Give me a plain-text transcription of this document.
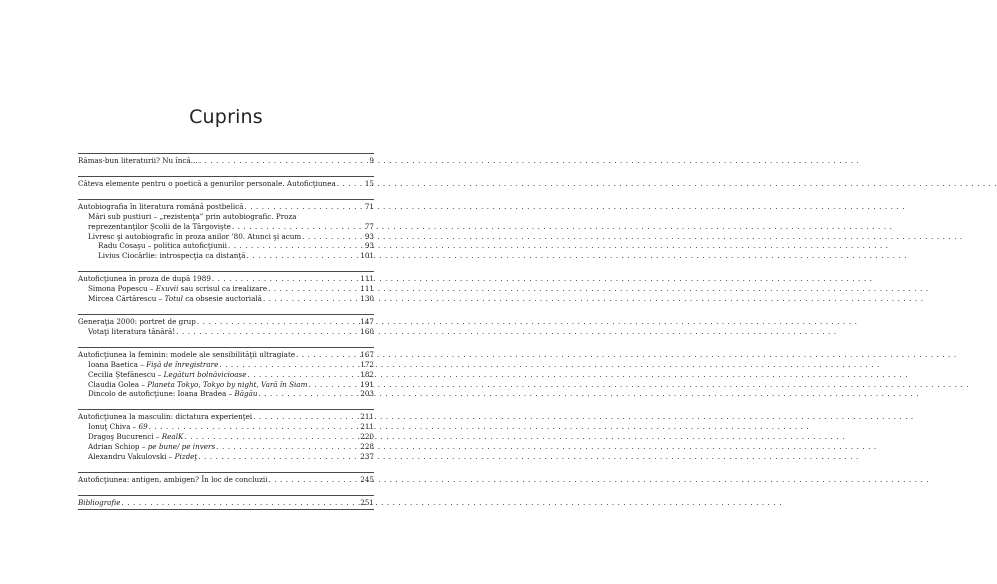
Cuprins
Rămas-bun literaturii? Nu încă… . . .	9
Câteva elemente pentru o poetică a genurilor personale. Autoficţiunea . . .	15
Autobiografia în literatura română postbelică . . .	71
Mări sub pustiuri – „rezistenţa” prin autobiografic. Proza
reprezentanţilor Şcolii de la Târgovişte . . .	77
Livresc şi autobiografic în proza anilor ’80. Atunci şi acum . . .	93
Radu Cosaşu – politica autoficţiunii . . .	93
Livius Ciocârlie: introspecţia ca distanţă . . .	101
Autoficţiunea în proza de după 1989 . . .	111
Simona Popescu – Exuvii sau scrisul ca irealizare . . .	111
Mircea Cărtărescu – Totul ca obsesie auctorială . . .	130
Generaţia 2000: portret de grup . . .	147
Votaţi literatura tânără! . . .	160
Autoficţiunea la feminin: modele ale sensibilităţii ultragiate . . .	167
Ioana Baetica – Fişă de înregistrare . . .	172
Cecilia Ştefănescu – Legături bolnăvicioase . . .	182
Claudia Golea – Planeta Tokyo, Tokyo by night, Vară în Siam . . .	191
Dincolo de autoficţiune: Ioana Bradea – Băgău . . .	203
Autoficţiunea la masculin: dictatura experienţei . . .	211
Ionuţ Chiva – 69 . . .	211
Dragoş Bucurenci – RealK . . .	220
Adrian Schiop – pe bune/ pe invers . . .	228
Alexandru Vakulovski – Pizdeţ . . .	237
Autoficţiunea: antigen, ambigen? În loc de concluzii . . .	245
Bibliografie . . .	251
